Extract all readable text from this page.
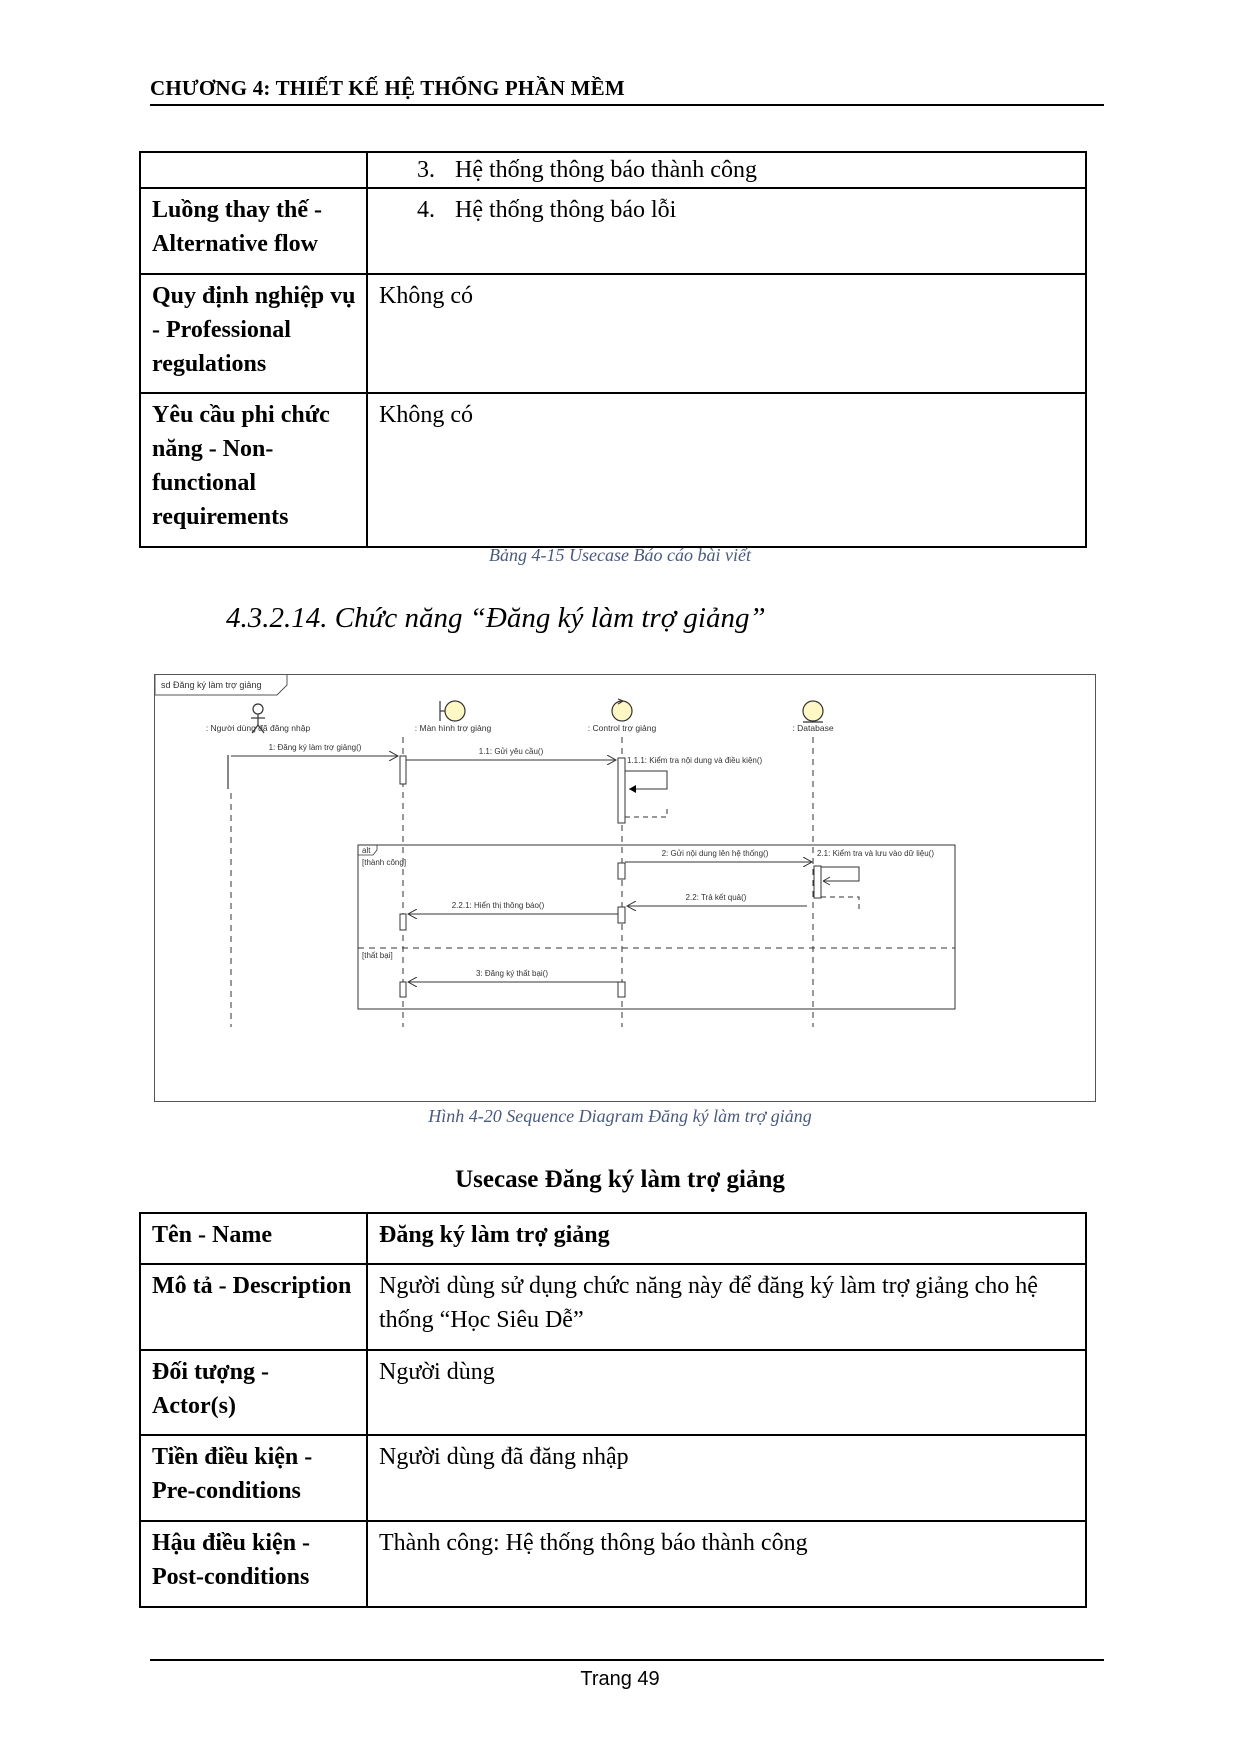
CHƯƠNG 4: THIẾT KẾ HỆ THỐNG PHẦN MỀM

	3. Hệ thống thông báo thành công

Luồng thay thế - Alternative flow	4. Hệ thống thông báo lỗi

Quy định nghiệp vụ - Professional regulations	Không có
Yêu cầu phi chức năng - Non-functional requirements	Không có
Bảng 4-15 Usecase Báo cáo bài viết
4.3.2.14. Chức năng “Đăng ký làm trợ giảng”
sd Đăng ký làm trợ giảng
: Người dùng đã đăng nhập	: Màn hình trợ giảng	: Control trợ giảng	: Database
1: Đăng ký làm trợ giảng()	1.1: Gửi yêu cầu()
1.1.1: Kiểm tra nội dung và điều kiện()
alt
[thành công]
[thất bại]
2: Gửi nội dung lên hệ thống()	2.1: Kiểm tra và lưu vào dữ liệu()
2.2: Trả kết quả()
2.2.1: Hiển thị thông báo()
3: Đăng ký thất bại()
Hình 4-20 Sequence Diagram Đăng ký làm trợ giảng
Usecase Đăng ký làm trợ giảng
Tên - Name	Đăng ký làm trợ giảng
Mô tả - Description	Người dùng sử dụng chức năng này để đăng ký làm trợ giảng cho hệ thống “Học Siêu Dễ”
Đối tượng - Actor(s)	Người dùng
Tiền điều kiện - Pre-conditions	Người dùng đã đăng nhập
Hậu điều kiện - Post-conditions	Thành công: Hệ thống thông báo thành công
Trang 49
